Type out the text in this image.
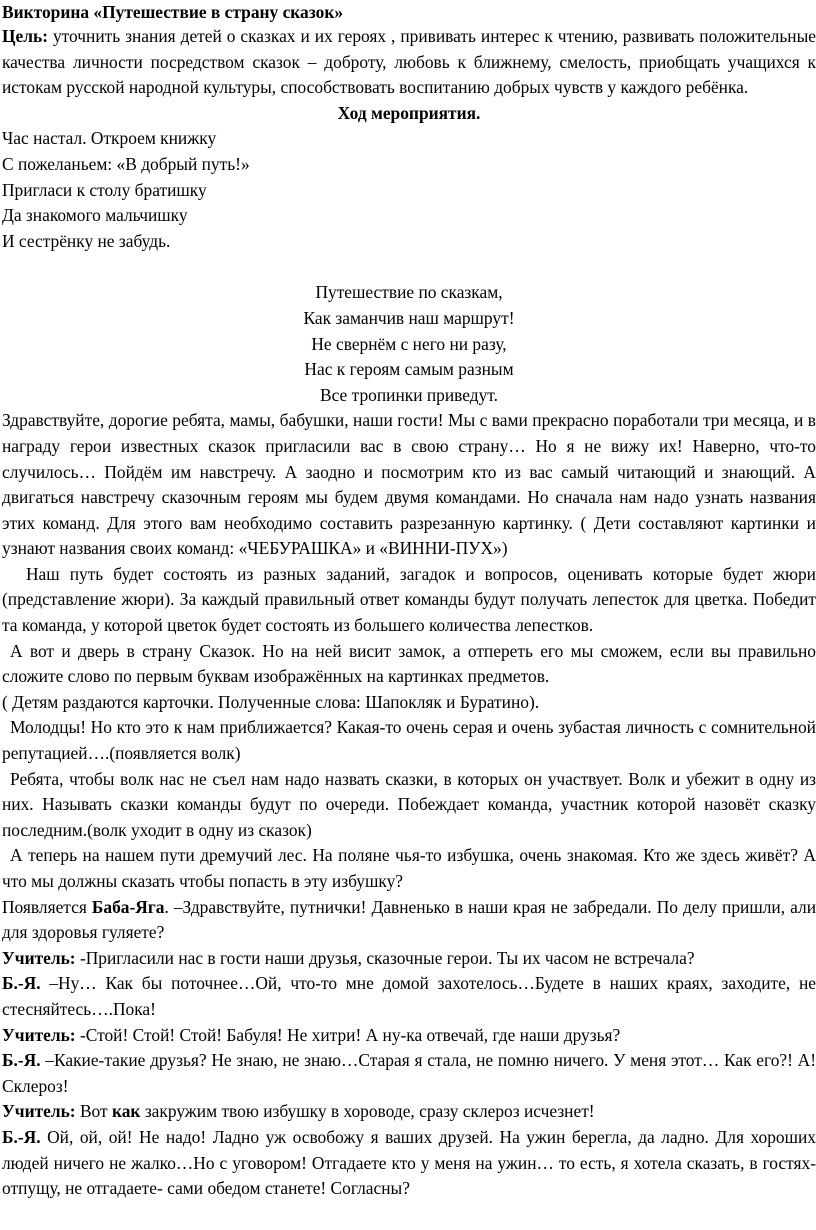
Викторина «Путешествие в страну сказок»

Цель: уточнить знания детей о сказках и их героях , прививать интерес к чтению, развивать положительные качества личности посредством сказок – доброту, любовь к ближнему, смелость, приобщать учащихся к истокам русской народной культуры, способствовать воспитанию добрых чувств у каждого ребёнка.

Ход мероприятия.

Час настал. Откроем книжку
С пожеланьем: «В добрый путь!»
Пригласи к столу братишку
Да знакомого мальчишку
И сестрёнку не забудь.
Путешествие по сказкам,
Как заманчив наш маршрут!
Не свернём с него ни разу,
Нас к героям самым разным
Все тропинки приведут.

Здравствуйте, дорогие ребята, мамы, бабушки, наши гости! Мы с вами прекрасно поработали три месяца, и в награду герои известных сказок пригласили вас в свою страну… Но я не вижу их! Наверно, что-то случилось… Пойдём им навстречу. А заодно и посмотрим кто из вас самый читающий и знающий. А двигаться навстречу сказочным героям мы будем двумя командами. Но сначала нам надо узнать названия этих команд. Для этого вам необходимо составить разрезанную картинку. ( Дети составляют картинки и узнают названия своих команд: «ЧЕБУРАШКА» и «ВИННИ-ПУХ»)

Наш путь будет состоять из разных заданий, загадок и вопросов, оценивать которые будет жюри (представление жюри). За каждый правильный ответ команды будут получать лепесток для цветка. Победит та команда, у которой цветок будет состоять из большего количества лепестков.

А вот и дверь в страну Сказок. Но на ней висит замок, а отпереть его мы сможем, если вы правильно сложите слово по первым буквам изображённых на картинках предметов.

( Детям раздаются карточки. Полученные слова: Шапокляк и Буратино).

Молодцы! Но кто это к нам приближается? Какая-то очень серая и очень зубастая личность с сомнительной репутацией….(появляется волк)

Ребята, чтобы волк нас не съел нам надо назвать сказки, в которых он участвует. Волк и убежит в одну из них. Называть сказки команды будут по очереди. Побеждает команда, участник которой назовёт сказку последним.(волк уходит в одну из сказок)

А теперь на нашем пути дремучий лес. На поляне чья-то избушка, очень знакомая. Кто же здесь живёт? А что мы должны сказать чтобы попасть в эту избушку?

Появляется Баба-Яга. –Здравствуйте, путнички! Давненько в наши края не забредали. По делу пришли, али для здоровья гуляете?

Учитель: -Пригласили нас в гости наши друзья, сказочные герои. Ты их часом не встречала?

Б.-Я. –Ну… Как бы поточнее…Ой, что-то мне домой захотелось…Будете в наших краях, заходите, не стесняйтесь….Пока!

Учитель: -Стой! Стой! Стой! Бабуля! Не хитри! А ну-ка отвечай, где наши друзья?

Б.-Я. –Какие-такие друзья? Не знаю, не знаю…Старая я стала, не помню ничего. У меня этот… Как его?! А! Склероз!

Учитель: Вот как закружим твою избушку в хороводе, сразу склероз исчезнет!

Б.-Я. Ой, ой, ой! Не надо! Ладно уж освобожу я ваших друзей. На ужин берегла, да ладно. Для хороших людей ничего не жалко…Но с уговором! Отгадаете кто у меня на ужин… то есть, я хотела сказать, в гостях- отпущу, не отгадаете- сами обедом станете! Согласны?
